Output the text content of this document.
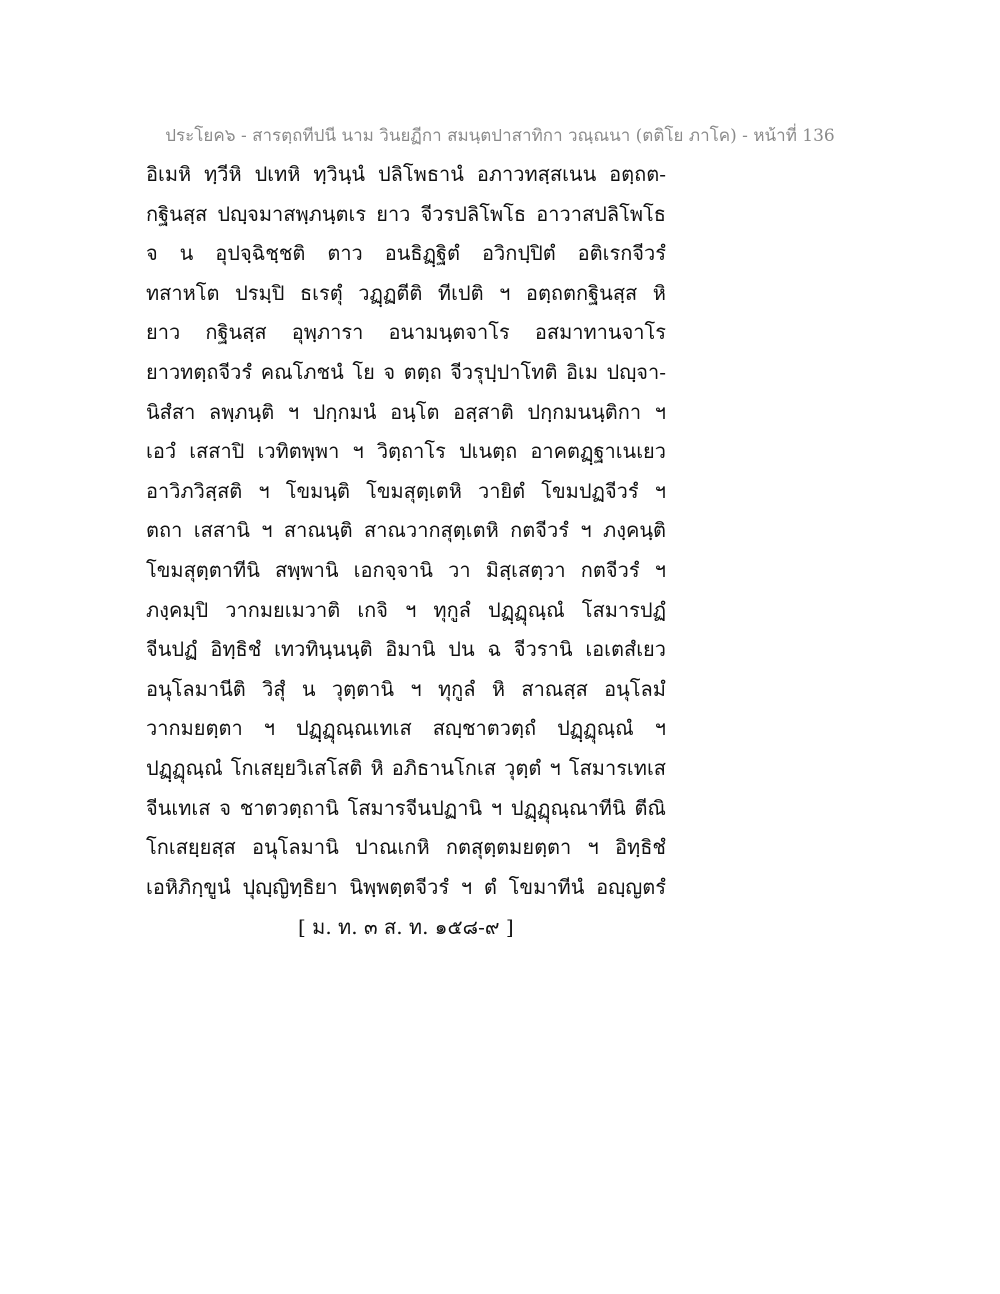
ประโยค๖ - สารตฺถทีปนี นาม วินยฏีกา สมนฺตปาสาทิกา วณฺณนา (ตติโย ภาโค) - หน้าที่ 136
อิเมหิ ทฺวีหิ ปเทหิ ทฺวินฺนํ ปลิโพธานํ อภาวทสฺสเนน อตฺถต-
กฐินสฺส ปญฺจมาสพฺภนฺตเร ยาว จีวรปลิโพโธ อาวาสปลิโพโธ
จ น อุปจฺฉิชฺชติ ตาว อนธิฏฺฐิตํ อวิกปฺปิตํ อติเรกจีวรํ
ทสาหโต ปรมฺปิ ธเรตุํ วฏฺฏตีติ ทีเปติ ฯ อตฺถตกฐินสฺส หิ
ยาว กฐินสฺส อุพฺภารา อนามนฺตจาโร อสมาทานจาโร
ยาวทตฺถจีวรํ คณโภชนํ โย จ ตตฺถ จีวรุปฺปาโทติ อิเม ปญฺจา-
นิสํสา ลพฺภนฺติ ฯ ปกฺกมนํ อนฺโต อสฺสาติ ปกฺกมนนฺติกา ฯ
เอวํ เสสาปิ เวทิตพฺพา ฯ วิตฺถาโร ปเนตฺถ อาคตฏฺฐาเนเยว
อาวิภวิสฺสติ ฯ โขมนฺติ โขมสุตฺเตหิ วายิตํ โขมปฏจีวรํ ฯ
ตถา เสสานิ ฯ สาณนฺติ สาณวากสุตฺเตหิ กตจีวรํ ฯ ภงฺคนฺติ
โขมสุตฺตาทีนิ สพฺพานิ เอกจฺจานิ วา มิสฺเสตฺวา กตจีวรํ ฯ
ภงฺคมฺปิ วากมยเมวาติ เกจิ ฯ ทุกูลํ ปฏฺฏุณฺณํ โสมารปฏํ
จีนปฏํ อิทฺธิชํ เทวทินฺนนฺติ อิมานิ ปน ฉ จีวรานิ เอเตสํเยว
อนุโลมานีติ วิสุํ น วุตฺตานิ ฯ ทุกูลํ หิ สาณสฺส อนุโลมํ
วากมยตฺตา ฯ ปฏฺฏุณฺณเทเส สญฺชาตวตฺถํ ปฏฺฏุณฺณํ ฯ
ปฏฺฏุณฺณํ โกเสยฺยวิเสโสติ หิ อภิธานโกเส วุตฺตํ ฯ โสมารเทเส
จีนเทเส จ ชาตวตฺถานิ โสมารจีนปฏานิ ฯ ปฏฺฏุณฺณาทีนิ ตีณิ
โกเสยฺยสฺส อนุโลมานิ ปาณเกหิ กตสุตฺตมยตฺตา ฯ อิทฺธิชํ
เอหิภิกฺขูนํ ปุญฺญิทฺธิยา นิพฺพตฺตจีวรํ ฯ ตํ โขมาทีนํ อญฺญตรํ
[ ม. ท. ๓ ส. ท. ๑๕๘-๙ ]
